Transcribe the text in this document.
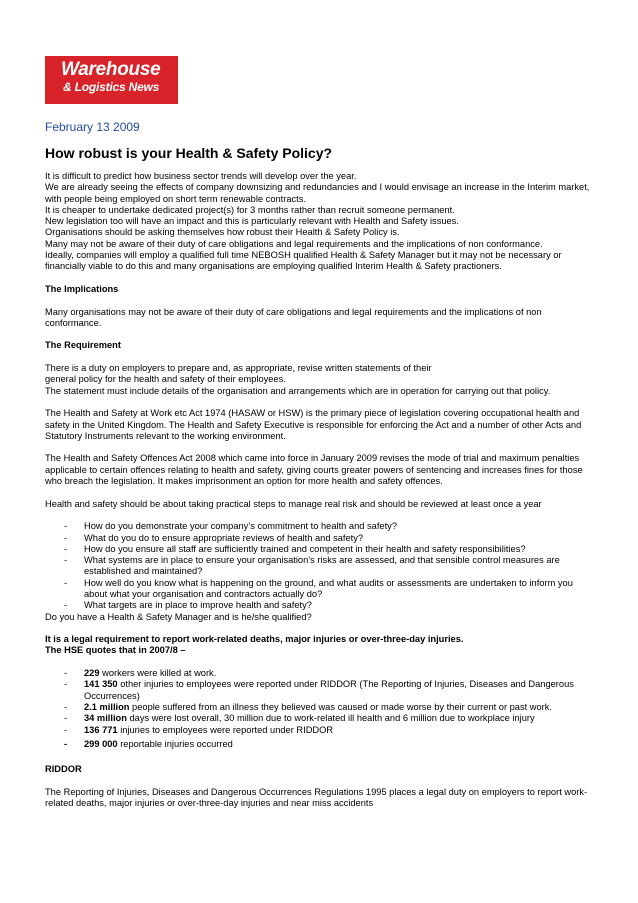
Warehouse
& Logistics News
February 13 2009
How robust is your Health & Safety Policy?

It is difficult to predict how business sector trends will develop over the year.

We are already seeing the effects of company downsizing and redundancies and I would envisage an increase in the Interim market, with people being employed on short term renewable contracts.

It is cheaper to undertake dedicated project(s) for 3 months rather than recruit someone permanent.

New legislation too will have an impact and this is particularly relevant with Health and Safety issues.

Organisations should be asking themselves how robust their Health & Safety Policy is.

Many may not be aware of their duty of care obligations and legal requirements and the implications of non conformance.

Ideally, companies will employ a qualified full time NEBOSH qualified Health & Safety Manager but it may not be necessary or financially viable to do this and many organisations are employing qualified Interim Health & Safety practioners.

The Implications

Many organisations may not be aware of their duty of care obligations and legal requirements and the implications of non conformance.

The Requirement

There is a duty on employers to prepare and, as appropriate, revise written statements of their

general policy for the health and safety of their employees.

The statement must include details of the organisation and arrangements which are in operation for carrying out that policy.

The Health and Safety at Work etc Act 1974 (HASAW or HSW) is the primary piece of legislation covering occupational health and safety in the United Kingdom. The Health and Safety Executive is responsible for enforcing the Act and a number of other Acts and Statutory Instruments relevant to the working environment.

The Health and Safety Offences Act 2008 which came into force in January 2009 revises the mode of trial and maximum penalties applicable to certain offences relating to health and safety, giving courts greater powers of sentencing and increases fines for those who breach the legislation. It makes imprisonment an option for more health and safety offences.

Health and safety should be about taking practical steps to manage real risk and should be reviewed at least once a year

- How do you demonstrate your company’s commitment to health and safety?
- What do you do to ensure appropriate reviews of health and safety?
- How do you ensure all staff are sufficiently trained and competent in their health and safety responsibilities?
- What systems are in place to ensure your organisation’s risks are assessed, and that sensible control measures are established and maintained?
- How well do you know what is happening on the ground, and what audits or assessments are undertaken to inform you about what your organisation and contractors actually do?
- What targets are in place to improve health and safety?

Do you have a Health & Safety Manager and is he/she qualified?

It is a legal requirement to report work-related deaths, major injuries or over-three-day injuries.

The HSE quotes that in 2007/8 –

- 229 workers were killed at work.
- 141 350 other injuries to employees were reported under RIDDOR (The Reporting of Injuries, Diseases and Dangerous Occurrences)
- 2.1 million people suffered from an illness they believed was caused or made worse by their current or past work.
- 34 million days were lost overall, 30 million due to work-related ill health and 6 million due to workplace injury
- 136 771 injuries to employees were reported under RIDDOR
- 299 000 reportable injuries occurred

RIDDOR

The Reporting of Injuries, Diseases and Dangerous Occurrences Regulations 1995 places a legal duty on employers to report work-related deaths, major injuries or over-three-day injuries and near miss accidents
